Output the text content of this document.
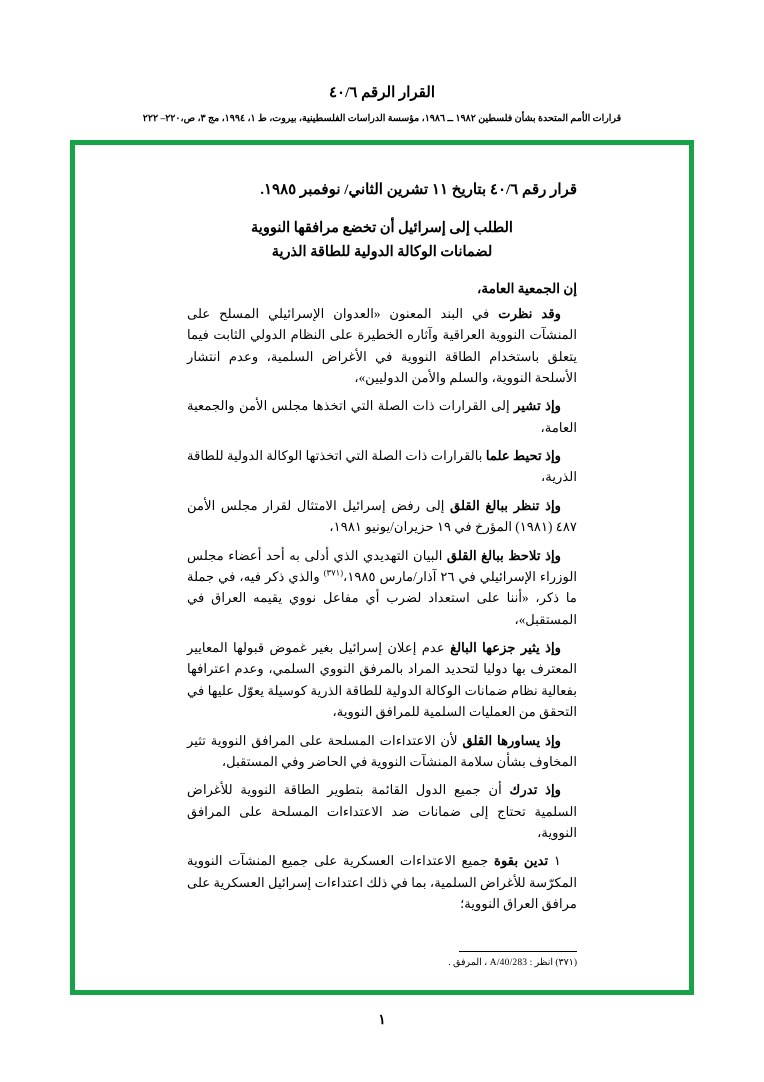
القرار الرقم ٤٠/٦
قرارات الأمم المتحدة بشأن فلسطين ١٩٨٢ ــ ١٩٨٦، مؤسسة الدراسات الفلسطينية، بيروت، ط ١، ١٩٩٤، مج ٣، ص،٢٢٠– ٢٢٢
قرار رقم ٤٠/٦ بتاريخ ١١ تشرين الثاني/ نوفمبر ١٩٨٥.
الطلب إلى إسرائيل أن تخضع مرافقها النووية
لضمانات الوكالة الدولية للطاقة الذرية
إن الجمعية العامة،

وقد نظرت في البند المعنون «العدوان الإسرائيلي المسلح على المنشآت النووية العراقية وآثاره الخطيرة على النظام الدولي الثابت فيما يتعلق باستخدام الطاقة النووية في الأغراض السلمية، وعدم انتشار الأسلحة النووية، والسلم والأمن الدوليين»،

وإذ تشير إلى القرارات ذات الصلة التي اتخذها مجلس الأمن والجمعية العامة،

وإذ تحيط علما بالقرارات ذات الصلة التي اتخذتها الوكالة الدولية للطاقة الذرية،

وإذ تنظر ببالغ القلق إلى رفض إسرائيل الامتثال لقرار مجلس الأمن ٤٨٧ (١٩٨١) المؤرخ في ١٩ حزيران/يونيو ١٩٨١،

وإذ تلاحظ ببالغ القلق البيان التهديدي الذي أدلى به أحد أعضاء مجلس الوزراء الإسرائيلي في ٢٦ آذار/مارس ١٩٨٥،$^{(٣٧١)}$ والذي ذكر فيه، في جملة ما ذكر، «أننا على استعداد لضرب أي مفاعل نووي يقيمه العراق في المستقبل»،

وإذ يثير جزعها البالغ عدم إعلان إسرائيل بغير غموض قبولها المعايير المعترف بها دوليا لتحديد المراد بالمرفق النووي السلمي، وعدم اعترافها بفعالية نظام ضمانات الوكالة الدولية للطاقة الذرية كوسيلة يعوّل عليها في التحقق من العمليات السلمية للمرافق النووية،

وإذ يساورها القلق لأن الاعتداءات المسلحة على المرافق النووية تثير المخاوف بشأن سلامة المنشآت النووية في الحاضر وفي المستقبل،

وإذ تدرك أن جميع الدول القائمة بتطوير الطاقة النووية للأغراض السلمية تحتاج إلى ضمانات ضد الاعتداءات المسلحة على المرافق النووية،

١ تدين بقوة جميع الاعتداءات العسكرية على جميع المنشآت النووية المكرّسة للأغراض السلمية، بما في ذلك اعتداءات إسرائيل العسكرية على مرافق العراق النووية؛

(٣٧١) انظر : A/40/283 ، المرفق .
١
